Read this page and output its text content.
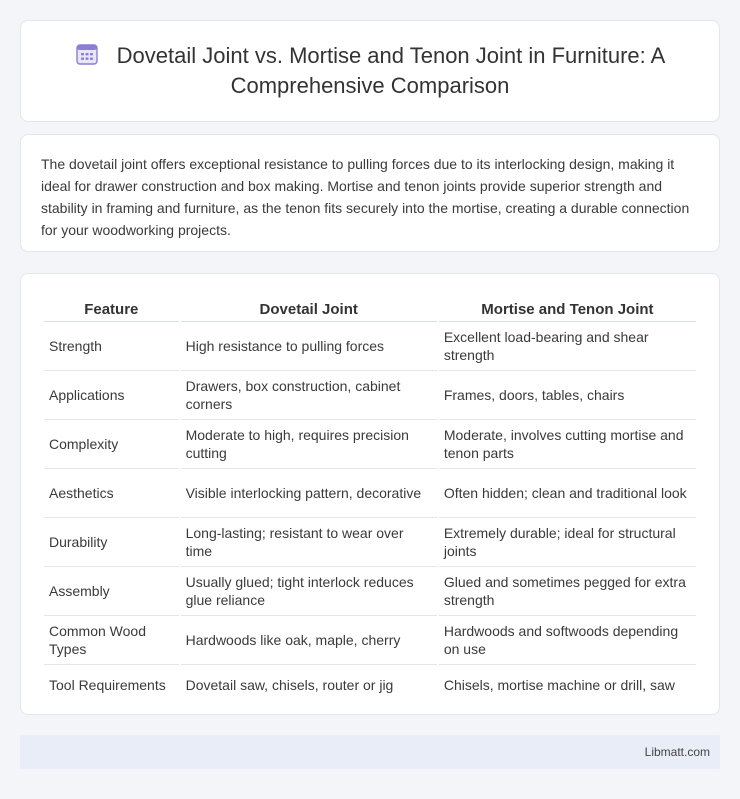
Dovetail Joint vs. Mortise and Tenon Joint in Furniture: A Comprehensive Comparison

The dovetail joint offers exceptional resistance to pulling forces due to its interlocking design, making it ideal for drawer construction and box making. Mortise and tenon joints provide superior strength and stability in framing and furniture, as the tenon fits securely into the mortise, creating a durable connection for your woodworking projects.

Feature	Dovetail Joint	Mortise and Tenon Joint
Strength	High resistance to pulling forces	Excellent load-bearing and shear strength
Applications	Drawers, box construction, cabinet corners	Frames, doors, tables, chairs
Complexity	Moderate to high, requires precision cutting	Moderate, involves cutting mortise and tenon parts
Aesthetics	Visible interlocking pattern, decorative	Often hidden; clean and traditional look
Durability	Long-lasting; resistant to wear over time	Extremely durable; ideal for structural joints
Assembly	Usually glued; tight interlock reduces glue reliance	Glued and sometimes pegged for extra strength
Common Wood Types	Hardwoods like oak, maple, cherry	Hardwoods and softwoods depending on use
Tool Requirements	Dovetail saw, chisels, router or jig	Chisels, mortise machine or drill, saw
Libmatt.com
